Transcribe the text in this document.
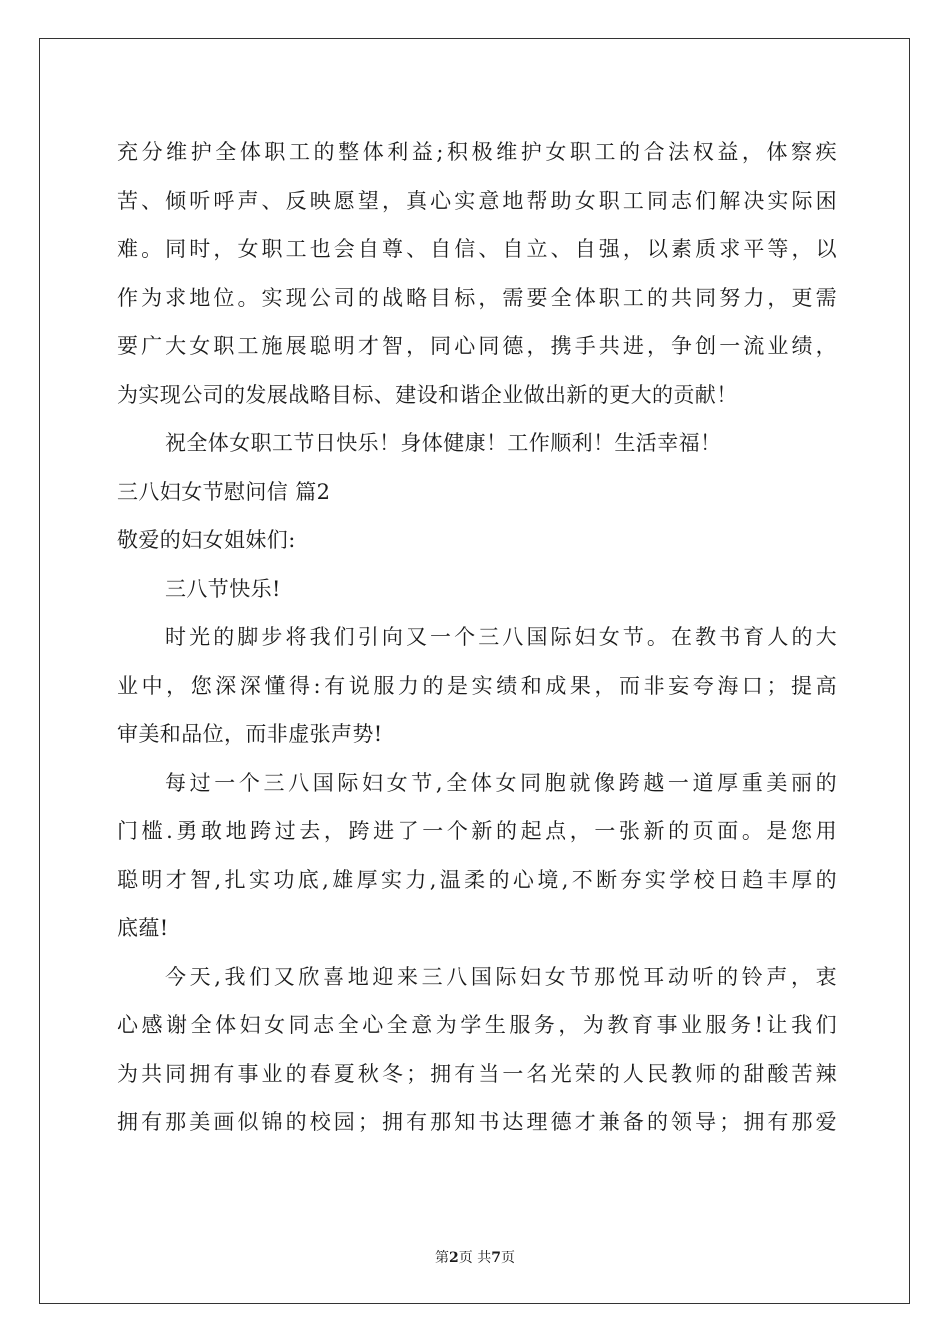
充分维护全体职工的整体利益;积极维护女职工的合法权益，体察疾
苦、倾听呼声、反映愿望，真心实意地帮助女职工同志们解决实际困
难。同时，女职工也会自尊、自信、自立、自强，以素质求平等，以
作为求地位。实现公司的战略目标，需要全体职工的共同努力，更需
要广大女职工施展聪明才智，同心同德，携手共进，争创一流业绩，
为实现公司的发展战略目标、建设和谐企业做出新的更大的贡献！
祝全体女职工节日快乐！身体健康！工作顺利！生活幸福！
三八妇女节慰问信 篇2
敬爱的妇女姐妹们:
三八节快乐!
时光的脚步将我们引向又一个三八国际妇女节。在教书育人的大
业中，您深深懂得:有说服力的是实绩和成果，而非妄夸海口；提高
审美和品位，而非虚张声势!
每过一个三八国际妇女节,全体女同胞就像跨越一道厚重美丽的
门槛.勇敢地跨过去，跨进了一个新的起点，一张新的页面。是您用
聪明才智,扎实功底,雄厚实力,温柔的心境,不断夯实学校日趋丰厚的
底蕴!
今天,我们又欣喜地迎来三八国际妇女节那悦耳动听的铃声，衷
心感谢全体妇女同志全心全意为学生服务，为教育事业服务!让我们
为共同拥有事业的春夏秋冬；拥有当一名光荣的人民教师的甜酸苦辣
拥有那美画似锦的校园；拥有那知书达理德才兼备的领导；拥有那爱
第2页 共7页
